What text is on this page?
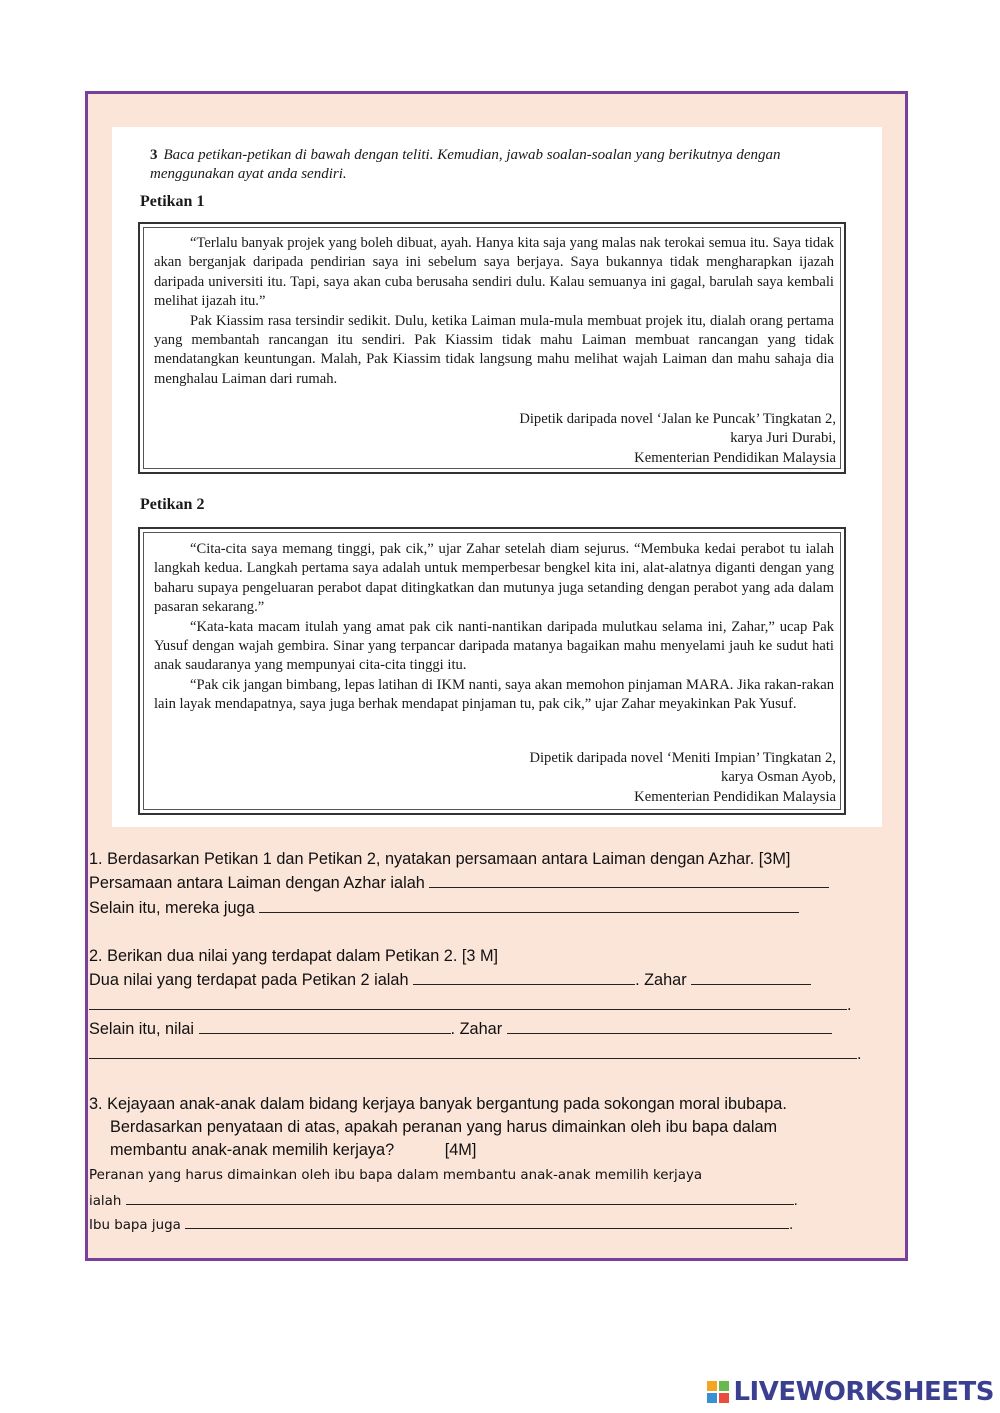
3 Baca petikan-petikan di bawah dengan teliti. Kemudian, jawab soalan-soalan yang berikutnya dengan menggunakan ayat anda sendiri.
Petikan 1

“Terlalu banyak projek yang boleh dibuat, ayah. Hanya kita saja yang malas nak terokai semua itu. Saya tidak akan berganjak daripada pendirian saya ini sebelum saya berjaya. Saya bukannya tidak mengharapkan ijazah daripada universiti itu. Tapi, saya akan cuba berusaha sendiri dulu. Kalau semuanya ini gagal, barulah saya kembali melihat ijazah itu.”

Pak Kiassim rasa tersindir sedikit. Dulu, ketika Laiman mula-mula membuat projek itu, dialah orang pertama yang membantah rancangan itu sendiri. Pak Kiassim tidak mahu Laiman membuat rancangan yang tidak mendatangkan keuntungan. Malah, Pak Kiassim tidak langsung mahu melihat wajah Laiman dan mahu sahaja dia menghalau Laiman dari rumah.

Dipetik daripada novel ‘Jalan ke Puncak’ Tingkatan 2,
karya Juri Durabi,
Kementerian Pendidikan Malaysia
Petikan 2

“Cita-cita saya memang tinggi, pak cik,” ujar Zahar setelah diam sejurus. “Membuka kedai perabot tu ialah langkah kedua. Langkah pertama saya adalah untuk memperbesar bengkel kita ini, alat-alatnya diganti dengan yang baharu supaya pengeluaran perabot dapat ditingkatkan dan mutunya juga setanding dengan perabot yang ada dalam pasaran sekarang.”

“Kata-kata macam itulah yang amat pak cik nanti-nantikan daripada mulutkau selama ini, Zahar,” ucap Pak Yusuf dengan wajah gembira. Sinar yang terpancar daripada matanya bagaikan mahu menyelami jauh ke sudut hati anak saudaranya yang mempunyai cita-cita tinggi itu.

“Pak cik jangan bimbang, lepas latihan di IKM nanti, saya akan memohon pinjaman MARA. Jika rakan-rakan lain layak mendapatnya, saya juga berhak mendapat pinjaman tu, pak cik,” ujar Zahar meyakinkan Pak Yusuf.

Dipetik daripada novel ‘Meniti Impian’ Tingkatan 2,
karya Osman Ayob,
Kementerian Pendidikan Malaysia
1. Berdasarkan Petikan 1 dan Petikan 2, nyatakan persamaan antara Laiman dengan Azhar. [3M]
Persamaan antara Laiman dengan Azhar ialah
Selain itu, mereka juga
2. Berikan dua nilai yang terdapat dalam Petikan 2. [3 M]
Dua nilai yang terdapat pada Petikan 2 ialah	. Zahar
.
Selain itu, nilai	. Zahar
.
3. Kejayaan anak-anak dalam bidang kerjaya banyak bergantung pada sokongan moral ibubapa.
Berdasarkan penyataan di atas, apakah peranan yang harus dimainkan oleh ibu bapa dalam
membantu anak-anak memilih kerjaya?	[4M]
Peranan yang harus dimainkan oleh ibu bapa dalam membantu anak-anak memilih kerjaya
ialah	.
Ibu bapa juga	.
LIVEWORKSHEETS
